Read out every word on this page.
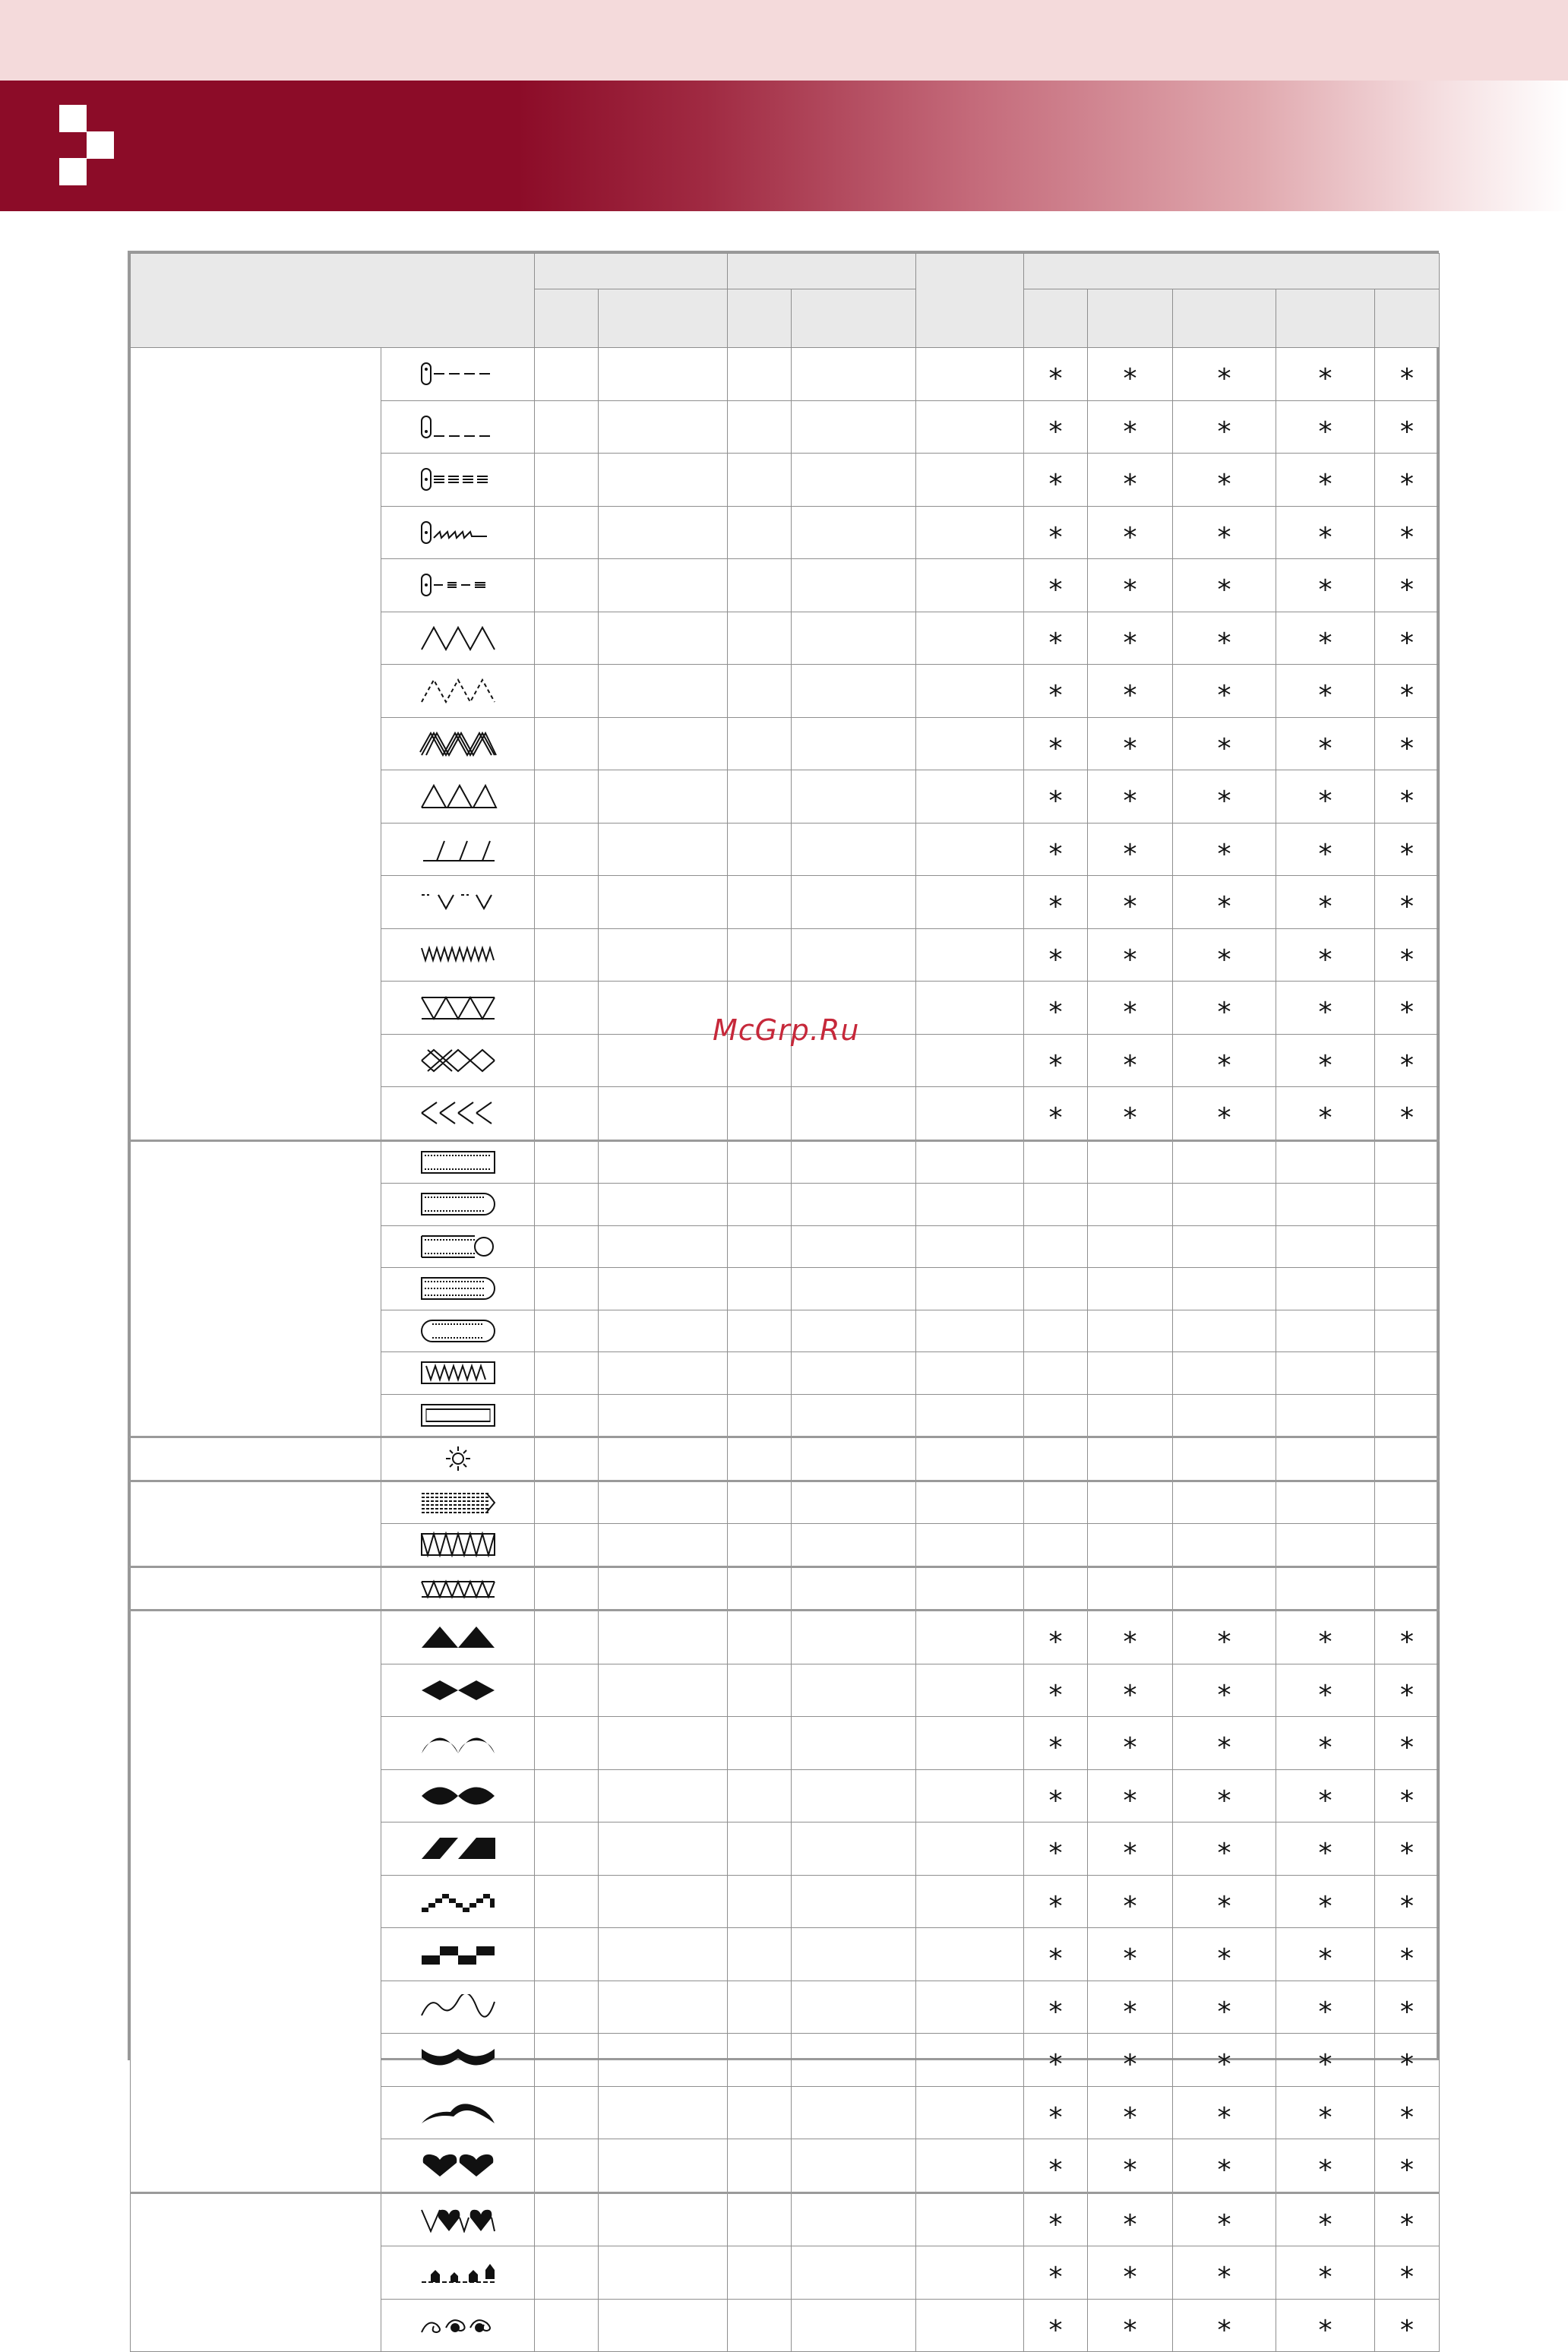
						*	*	*	*	*

						*	*	*	*	*

						*	*	*	*	*

						*	*	*	*	*

						*	*	*	*	*

						*	*	*	*	*

						*	*	*	*	*

						*	*	*	*	*

						*	*	*	*	*

						*	*	*	*	*

						*	*	*	*	*

						*	*	*	*	*

						*	*	*	*	*

						*	*	*	*	*

						*	*	*	*	*

						*	*	*	*	*

						*	*	*	*	*

						*	*	*	*	*

						*	*	*	*	*

						*	*	*	*	*

						*	*	*	*	*

						*	*	*	*	*

						*	*	*	*	*

						*	*	*	*	*

						*	*	*	*	*

						*	*	*	*	*

						*	*	*	*	*

						*	*	*	*	*

						*	*	*	*	*
McGrp.Ru
